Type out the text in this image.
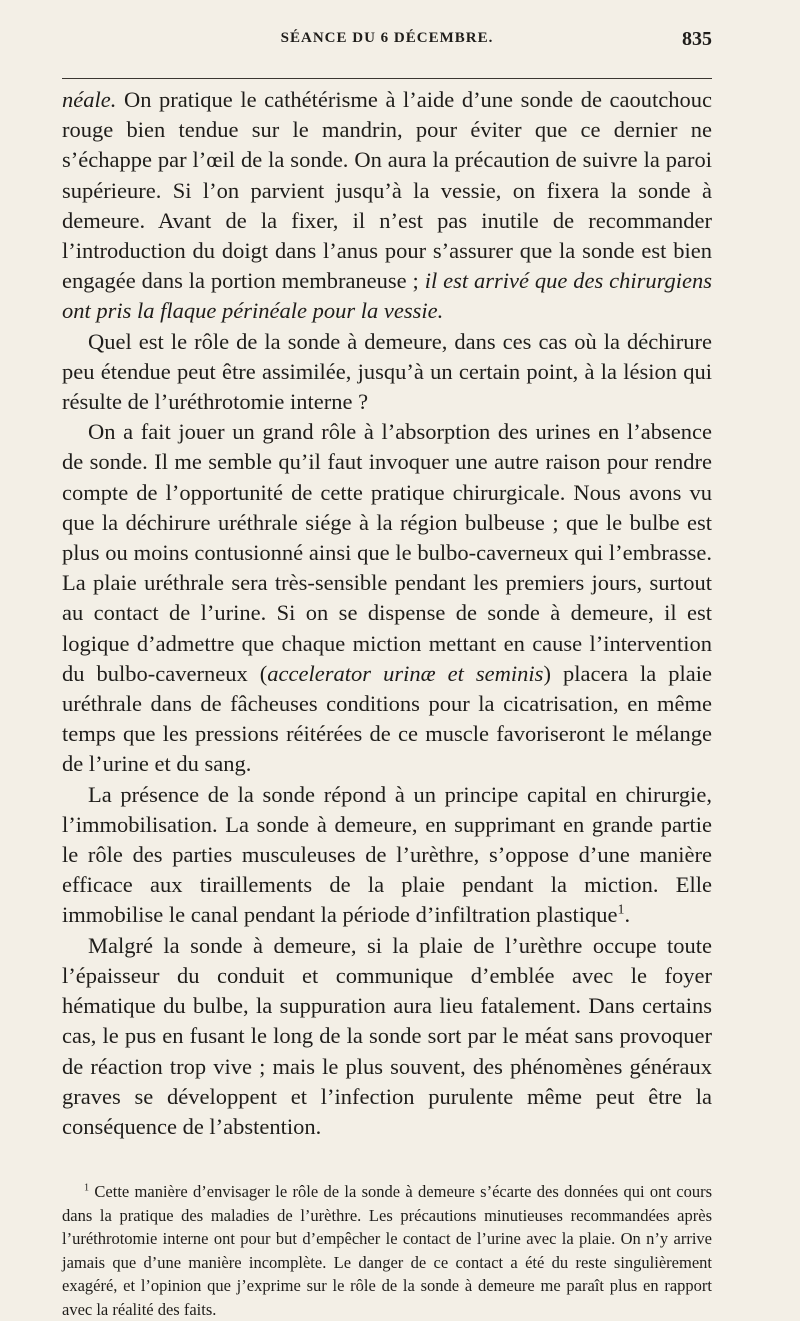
SÉANCE DU 6 DÉCEMBRE.	835

néale. On pratique le cathétérisme à l’aide d’une sonde de caoutchouc rouge bien tendue sur le mandrin, pour éviter que ce dernier ne s’échappe par l’œil de la sonde. On aura la précaution de suivre la paroi supérieure. Si l’on parvient jusqu’à la vessie, on fixera la sonde à demeure. Avant de la fixer, il n’est pas inutile de recommander l’introduction du doigt dans l’anus pour s’assurer que la sonde est bien engagée dans la portion membraneuse ; il est arrivé que des chirurgiens ont pris la flaque périnéale pour la vessie.

Quel est le rôle de la sonde à demeure, dans ces cas où la déchirure peu étendue peut être assimilée, jusqu’à un certain point, à la lésion qui résulte de l’uréthrotomie interne ?

On a fait jouer un grand rôle à l’absorption des urines en l’absence de sonde. Il me semble qu’il faut invoquer une autre raison pour rendre compte de l’opportunité de cette pratique chirurgicale. Nous avons vu que la déchirure uréthrale siége à la région bulbeuse ; que le bulbe est plus ou moins contusionné ainsi que le bulbo-caverneux qui l’embrasse. La plaie uréthrale sera très-sensible pendant les premiers jours, surtout au contact de l’urine. Si on se dispense de sonde à demeure, il est logique d’admettre que chaque miction mettant en cause l’intervention du bulbo-caverneux (accelerator urinæ et seminis) placera la plaie uréthrale dans de fâcheuses conditions pour la cicatrisation, en même temps que les pressions réitérées de ce muscle favoriseront le mélange de l’urine et du sang.

La présence de la sonde répond à un principe capital en chirurgie, l’immobilisation. La sonde à demeure, en supprimant en grande partie le rôle des parties musculeuses de l’urèthre, s’oppose d’une manière efficace aux tiraillements de la plaie pendant la miction. Elle immobilise le canal pendant la période d’infiltration plastique$^1$.

Malgré la sonde à demeure, si la plaie de l’urèthre occupe toute l’épaisseur du conduit et communique d’emblée avec le foyer hématique du bulbe, la suppuration aura lieu fatalement. Dans certains cas, le pus en fusant le long de la sonde sort par le méat sans provoquer de réaction trop vive ; mais le plus souvent, des phénomènes généraux graves se développent et l’infection purulente même peut être la conséquence de l’abstention.

$^1$ Cette manière d’envisager le rôle de la sonde à demeure s’écarte des données qui ont cours dans la pratique des maladies de l’urèthre. Les précautions minutieuses recommandées après l’uréthrotomie interne ont pour but d’empêcher le contact de l’urine avec la plaie. On n’y arrive jamais que d’une manière incomplète. Le danger de ce contact a été du reste singulièrement exagéré, et l’opinion que j’exprime sur le rôle de la sonde à demeure me paraît plus en rapport avec la réalité des faits.
